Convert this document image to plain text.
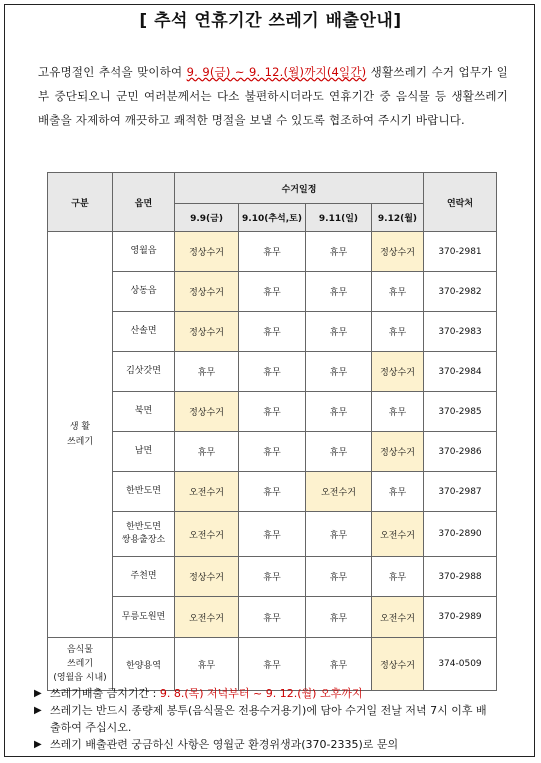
[ 추석 연휴기간 쓰레기 배출안내]
고유명절인 추석을 맞이하여 9. 9(금) ~ 9. 12.(월)까지(4일간) 생활쓰레기 수거 업무가 일부 중단되오니 군민 여러분께서는 다소 불편하시더라도 연휴기간 중 음식물 등 생활쓰레기 배출을 자제하여 깨끗하고 쾌적한 명절을 보낼 수 있도록 협조하여 주시기 바랍니다.
구분	읍면	수거일정				연락처
		9.9(금)	9.10(추석,토)	9.11(일)	9.12(월)	
생 활
쓰레기	영월읍	정상수거	휴무	휴무	정상수거	370-2981
	상동읍	정상수거	휴무	휴무	휴무	370-2982
	산솔면	정상수거	휴무	휴무	휴무	370-2983
	김삿갓면	휴무	휴무	휴무	정상수거	370-2984
	북면	정상수거	휴무	휴무	휴무	370-2985
	남면	휴무	휴무	휴무	정상수거	370-2986
	한반도면	오전수거	휴무	오전수거	휴무	370-2987
	한반도면
쌍용출장소	오전수거	휴무	휴무	오전수거	370-2890
	주천면	정상수거	휴무	휴무	휴무	370-2988
	무릉도원면	오전수거	휴무	휴무	오전수거	370-2989
음식물
쓰레기
(영월읍 시내)	한양용역	휴무	휴무	휴무	정상수거	374-0509
▶ 쓰레기배출 금지기간 : 9. 8.(목) 저녁부터 ~ 9. 12.(월) 오후까지
▶ 쓰레기는 반드시 종량제 봉투(음식물은 전용수거용기)에 담아 수거일 전날 저녁 7시 이후 배출하여 주십시오.
▶ 쓰레기 배출관련 궁금하신 사항은 영월군 환경위생과(370-2335)로 문의
